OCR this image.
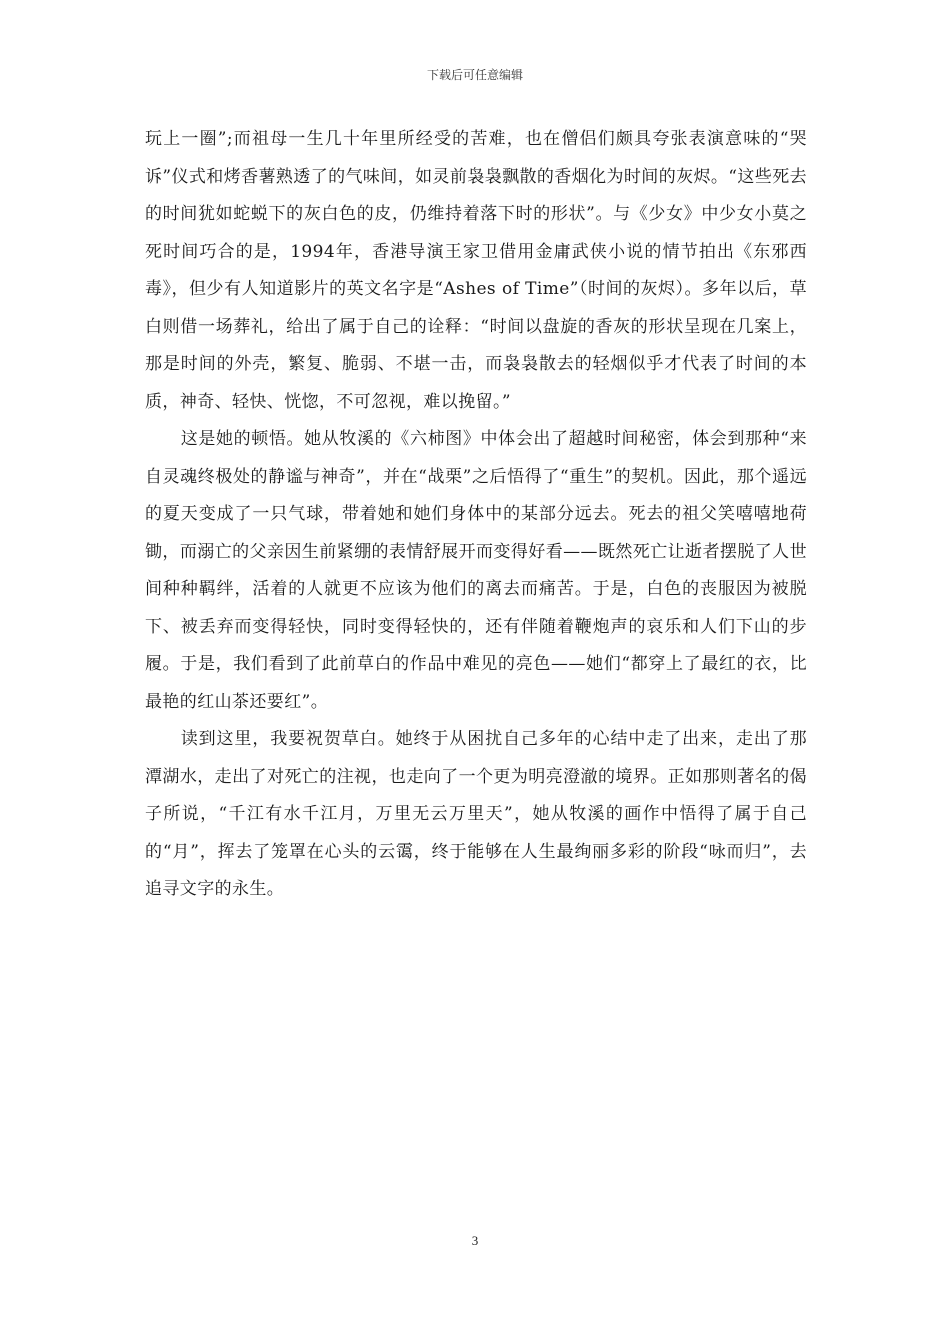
下载后可任意编辑

玩上一圈”;而祖母一生几十年里所经受的苦难，也在僧侣们颇具夸张表演意味的“哭诉”仪式和烤香薯熟透了的气味间，如灵前袅袅飘散的香烟化为时间的灰烬。“这些死去的时间犹如蛇蜕下的灰白色的皮，仍维持着落下时的形状”。与《少女》中少女小莫之死时间巧合的是，1994年，香港导演王家卫借用金庸武侠小说的情节拍出《东邪西毒》，但少有人知道影片的英文名字是“Ashes of Time”（时间的灰烬）。多年以后，草白则借一场葬礼，给出了属于自己的诠释：“时间以盘旋的香灰的形状呈现在几案上，那是时间的外壳，繁复、脆弱、不堪一击，而袅袅散去的轻烟似乎才代表了时间的本质，神奇、轻快、恍惚，不可忽视，难以挽留。”

这是她的顿悟。她从牧溪的《六柿图》中体会出了超越时间秘密，体会到那种“来自灵魂终极处的静谧与神奇”，并在“战栗”之后悟得了“重生”的契机。因此，那个遥远的夏天变成了一只气球，带着她和她们身体中的某部分远去。死去的祖父笑嘻嘻地荷锄，而溺亡的父亲因生前紧绷的表情舒展开而变得好看——既然死亡让逝者摆脱了人世间种种羁绊，活着的人就更不应该为他们的离去而痛苦。于是，白色的丧服因为被脱下、被丢弃而变得轻快，同时变得轻快的，还有伴随着鞭炮声的哀乐和人们下山的步履。于是，我们看到了此前草白的作品中难见的亮色——她们“都穿上了最红的衣，比最艳的红山茶还要红”。

读到这里，我要祝贺草白。她终于从困扰自己多年的心结中走了出来，走出了那潭湖水，走出了对死亡的注视，也走向了一个更为明亮澄澈的境界。正如那则著名的偈子所说，“千江有水千江月，万里无云万里天”，她从牧溪的画作中悟得了属于自己的“月”，挥去了笼罩在心头的云霭，终于能够在人生最绚丽多彩的阶段“咏而归”，去追寻文字的永生。

3
